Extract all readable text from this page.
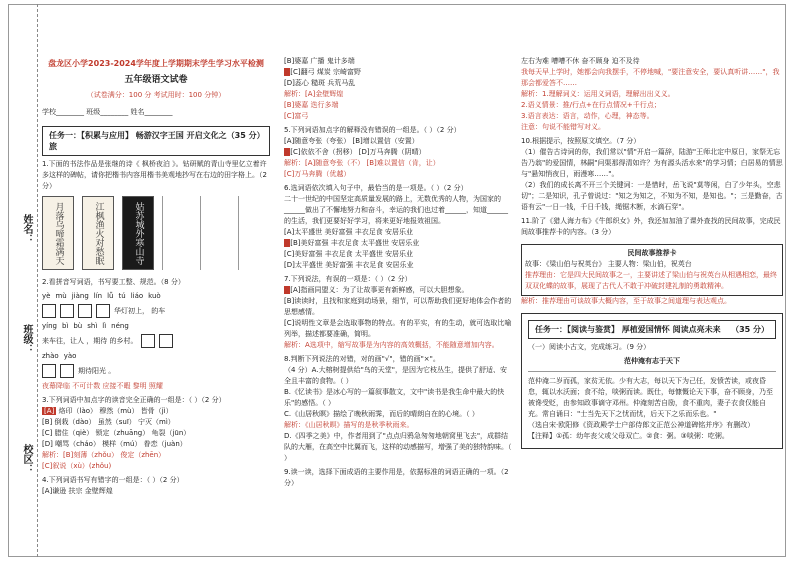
姓名：
班级：
校区：
盘龙区小学2023-2024学年度上学期期末学生学习水平检测
五年级语文试卷
（试卷满分：100 分 考试用时：100 分钟）
学校________ 班级________ 姓名________
任务一：【积累与应用】 畅游汉字王国 开启文化之旅
（35 分）
1.下面的书法作品是张继的诗《 枫桥夜泊 》。钻研赋的青山寺里亿立着许多这样的碑帖，请你把楷书内容用楷书美观地抄写在右边的田字格上。（2 分）
月落乌啼霜满天	江枫渔火对愁眠	姑苏城外寒山寺
2.看拼音写词语，书写要工整、规范。（8 分）
yè mù jiàng lín lǚ tú liáo kuò
华灯初上， 的车
yíng bì bù shì lì néng
来车往，让人 ，期待 的乡村。
zhào yào
期待阳光 。
夜幕降临 不可计数 应接不暇 黎明 照耀
3.下列词语中加点字的读音完全正确的一组是：（ ）（2 分）
[A] 烙印（lào） 穆然（mù） 皆骨（jì）
[B] 倒栽（dào） 虽然（suī） 宁灭（mì）
[C] 腊住（qiè） 锁定（zhuāng） 龟裂（jūn）
[D] 嘲骂（cháo） 模样（mú） 眷恋（juàn）
解析：[B]刻薄（zhǒu） 俊定（zhēn）
[C]叙说（xù）(zhǒu)
4.下列词语书写有错字的一组是：（ ）（2 分）
[A]谦逊 扶宗 金壁辉煌
[B]婆嘉 广播 鬼计多端
[C]翻弓 煤炭 宗崎富野
[D]蕊心 糙斑 兵荒马乱
解析：[A]金壁辉煌
[B]婆嘉 迭行多端
[C]富弓
5.下列词语加点字的解释没有错误的一组是。（ ）（2 分）
[A]随意夸张（夸张） [B]增以置信（安置）
[C]依依不舍（拐移） [D]万马奔腾（阴晴）
解析：[A]随意夸张（不） [B]难以置信（肯，让）
[C]万马奔腾（优越）
6.选词语依次填入句子中，最恰当的是一项是。（ ）（2 分）
二十一世纪的中国坚定高质量发展的路上，无数优秀的人物，为国家的______做出了不懈地努力和奋斗，幸运的我们也过着______，知道______的生活，我们更要好好学习，将来更好地报效祖国。
[A]太平盛世 美好富强 丰衣足食 安居乐业
[B]美好富强 丰衣足食 太平盛世 安居乐业
[C]美好富强 丰衣足食 太平盛世 安居乐业
[D]太平盛世 美好富强 丰衣足食 安居乐业
7.下列说法，有误的一项是：（ ）（2 分）
[A]指画同盟义：为了让故事更有新鲜感，可以大胆想象。
[B]读读时，且找和家庭到动场景，细节，可以帮助我们更好地体会作者的思想感情。
[C]说明性文章是会选取事物的特点。有的平实，有的生动，就可选取比喻列举，描述都要准确，简明。
解析：A选项中，缩写故事是为内容的高效概括，不能随意增加内容。
8.判断下列说法的对错，对的画"√"，错的画"×"。
（4 分）A.大榕树提供给"鸟的天堂"，是因为它枝丛生，提供了舒适、安全且丰富的食物。（ ）
B.《忆读书》是冰心写的一篇叙事散文，文中"读书是我生命中最大的快乐"的感悟。（ ）
C.《山居秋暝》描绘了晚秋雨霁，而后的晴朗自在的心境。（ ）
解析：《山居秋暝》描写的是秋季秋雨来。
D.《四季之美》中，作者用到了"点点归鸦急匆匆地朝窝里飞去"，成群结队的大雁，在高空中比翼而飞，这样的动感描写，增强了美的独特韵味。（ ）
9.读一读，选择下面成语的主要作用是，依据标准的词语正确的一项。（2 分）
左右为难 嘈嘈不休 奋不顾身 迫不及待
我每天早上学时，她都会向我摆手，不停地喊，"要注意安全，要认真听讲……"，我那会都爱答不……
解析：1.理解词义：运用义词语，理解出出义义。
2.语义情景：推/行点+在行点情况+千行点；
3.语言表达：语言，动作，心理，神态等。
注意：句说不能错写对义。
10.根据提示，按照原文填空。（7 分）
（1）催告古诗词的你，我们常以"情"开启一篇辞，陆游"王师北定中原日，家祭无忘告乃翁"的爱国情，林嗣"问渠那得清如许？为有源头活水来"的学习情；白居易的情思与"悬知悄夜日，雨漫寒……"。
（2）我们的成长离不开三个关键词：一是惜时，岳飞说"莫等闲，白了少年头，空悲切"；二是知识，孔子曾说过："知之为知之，不知为不知，是知也。"；三是勤奋，古语有云"一日一钱，千日千钱，绳锯木断，水滴石穿"。
11.阶了《猎人海力布》《牛郎织女》外，我还加加油了课外查找的民间故事，完成民间故事推荐卡的内容。（3 分）
民间故事推荐卡
故事：《梁山伯与祝英台》 主要人物：梁山伯，祝英台
推荐理由：它是四大民间故事之一，主要讲述了梁山伯与祝英台从相遇相恋，最终双双化蝶的故事，展现了古代人不敢于冲破封建礼制的勇敢精神。
解析：推荐理由可谈故事大概内容，至于故事之间道理与表达观点。
任务一：【阅读与鉴赏】 厚植爱国情怀 阅读点亮未来 （35 分）
（一）阅读小古文，完成练习。（9 分）
范仲淹有志于天下
范仲淹二岁而孤，家贫无依。少有大志，每以天下为己任，发愤苦读，或夜昏怠，辄以水沃面；食不给，啖粥而读。既仕，每慷慨论天下事，奋不顾身，乃至被谗受贬，由参知政事谪守邓州。仲淹刻苦自励，食不重肉，妻子衣食仅能自充。常自诵曰："士当先天下之忧而忧，后天下之乐而乐也。"
（选自宋·欧阳修《资政殿学士户部侍郎文正范公神道碑铭并序》有删改）
【注释】①孤：幼年丧父或父母双亡。②食：粥。③啖粥：吃粥。
